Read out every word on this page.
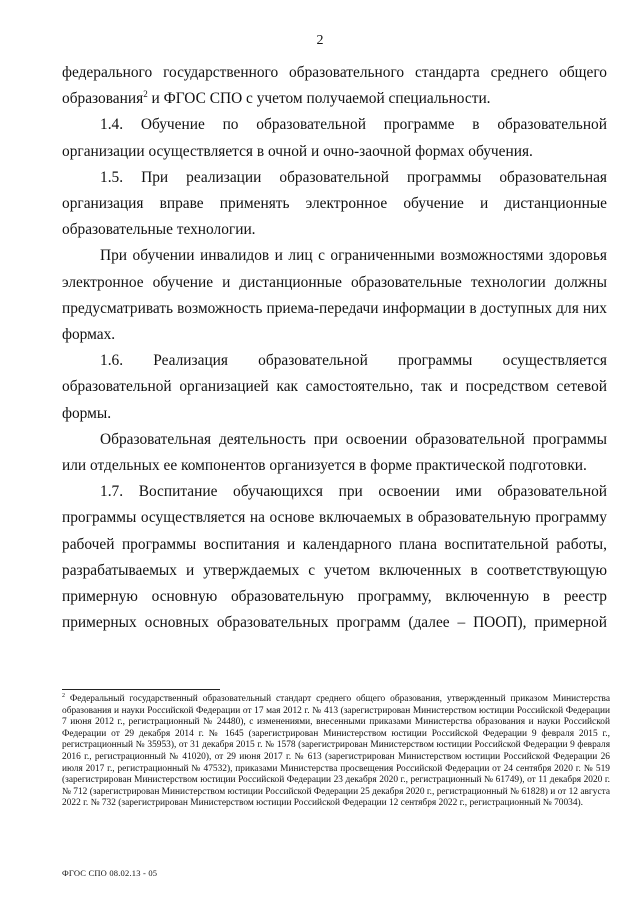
2

федерального государственного образовательного стандарта среднего общего образования$^2$ и ФГОС СПО с учетом получаемой специальности.

1.4. Обучение по образовательной программе в образовательной организации осуществляется в очной и очно-заочной формах обучения.

1.5. При реализации образовательной программы образовательная организация вправе применять электронное обучение и дистанционные образовательные технологии.

При обучении инвалидов и лиц с ограниченными возможностями здоровья электронное обучение и дистанционные образовательные технологии должны предусматривать возможность приема-передачи информации в доступных для них формах.

1.6. Реализация образовательной программы осуществляется образовательной организацией как самостоятельно, так и посредством сетевой формы.

Образовательная деятельность при освоении образовательной программы или отдельных ее компонентов организуется в форме практической подготовки.

1.7. Воспитание обучающихся при освоении ими образовательной программы осуществляется на основе включаемых в образовательную программу рабочей программы воспитания и календарного плана воспитательной работы, разрабатываемых и утверждаемых с учетом включенных в соответствующую примерную основную образовательную программу, включенную в реестр примерных основных образовательных программ (далее – ПООП), примерной

$^2$ Федеральный государственный образовательный стандарт среднего общего образования, утвержденный приказом Министерства образования и науки Российской Федерации от 17 мая 2012 г. № 413 (зарегистрирован Министерством юстиции Российской Федерации 7 июня 2012 г., регистрационный № 24480), с изменениями, внесенными приказами Министерства образования и науки Российской Федерации от 29 декабря 2014 г. № 1645 (зарегистрирован Министерством юстиции Российской Федерации 9 февраля 2015 г., регистрационный № 35953), от 31 декабря 2015 г. № 1578 (зарегистрирован Министерством юстиции Российской Федерации 9 февраля 2016 г., регистрационный № 41020), от 29 июня 2017 г. № 613 (зарегистрирован Министерством юстиции Российской Федерации 26 июля 2017 г., регистрационный № 47532), приказами Министерства просвещения Российской Федерации от 24 сентября 2020 г. № 519 (зарегистрирован Министерством юстиции Российской Федерации 23 декабря 2020 г., регистрационный № 61749), от 11 декабря 2020 г. № 712 (зарегистрирован Министерством юстиции Российской Федерации 25 декабря 2020 г., регистрационный № 61828) и от 12 августа 2022 г. № 732 (зарегистрирован Министерством юстиции Российской Федерации 12 сентября 2022 г., регистрационный № 70034).
ФГОС СПО 08.02.13 - 05
